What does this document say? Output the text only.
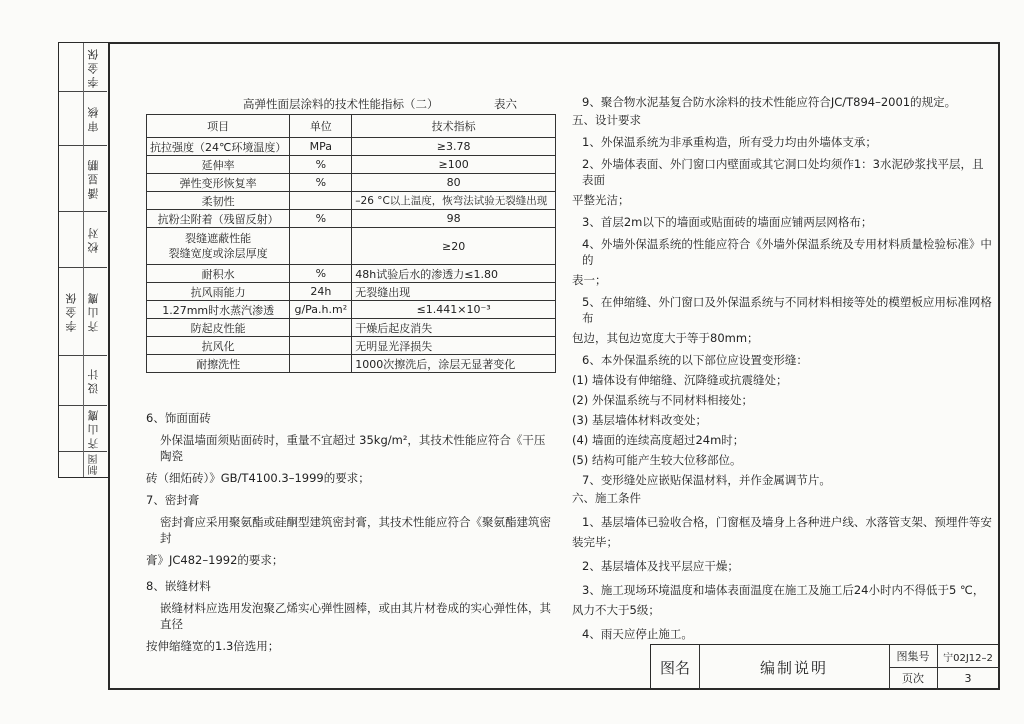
李金保
审核
潘显鹏
校对
李金保 齐山鹰
设计
齐山鹰
制图
高弹性面层涂料的技术性能指标（二）	表六
项目	单位	技术指标
抗拉强度（24℃环境温度）	MPa	≥3.78
延伸率	%	≥100
弹性变形恢复率	%	80
柔韧性		–26 °C以上温度，恢弯法试验无裂缝出现
抗粉尘附着（残留反射）	%	98
裂缝遮蔽性能
裂缝宽度或涂层厚度		≥20
耐积水	%	48h试验后水的渗透力≤1.80
抗风雨能力	24h	无裂缝出现
1.27mm时水蒸汽渗透	g/Pa.h.m²	≤1.441×10⁻³
防起皮性能		干燥后起皮消失
抗风化		无明显光泽损失
耐擦洗性		1000次擦洗后，涂层无显著变化
6、饰面面砖
外保温墙面须贴面砖时，重量不宜超过 35kg/m²，其技术性能应符合《干压陶瓷
砖（细炻砖）》GB/T4100.3–1999的要求；
7、密封膏
密封膏应采用聚氨酯或硅酮型建筑密封膏，其技术性能应符合《聚氨酯建筑密封
膏》JC482–1992的要求；
8、嵌缝材料
嵌缝材料应选用发泡聚乙烯实心弹性圆棒，或由其片材卷成的实心弹性体，其直径
按伸缩缝宽的1.3倍选用；
9、聚合物水泥基复合防水涂料的技术性能应符合JC/T894–2001的规定。
五、设计要求
1、外保温系统为非承重构造，所有受力均由外墙体支承；
2、外墙体表面、外门窗口内壁面或其它洞口处均须作1：3水泥砂浆找平层，且表面
平整光洁；
3、首层2m以下的墙面或贴面砖的墙面应铺两层网格布；
4、外墙外保温系统的性能应符合《外墙外保温系统及专用材料质量检验标准》中的
表一；
5、在伸缩缝、外门窗口及外保温系统与不同材料相接等处的模塑板应用标准网格布
包边，其包边宽度大于等于80mm；
6、本外保温系统的以下部位应设置变形缝：
(1) 墙体设有伸缩缝、沉降缝或抗震缝处；
(2) 外保温系统与不同材料相接处；
(3) 基层墙体材料改变处；
(4) 墙面的连续高度超过24m时；
(5) 结构可能产生较大位移部位。
7、变形缝处应嵌贴保温材料，并作金属调节片。
六、施工条件
1、基层墙体已验收合格，门窗框及墙身上各种进户线、水落管支架、预埋件等安
装完毕；
2、基层墙体及找平层应干燥；
3、施工现场环境温度和墙体表面温度在施工及施工后24小时内不得低于5 ℃，
风力不大于5级；
4、雨天应停止施工。
图名	编制说明
图集号	宁02J12–2
页次	3
